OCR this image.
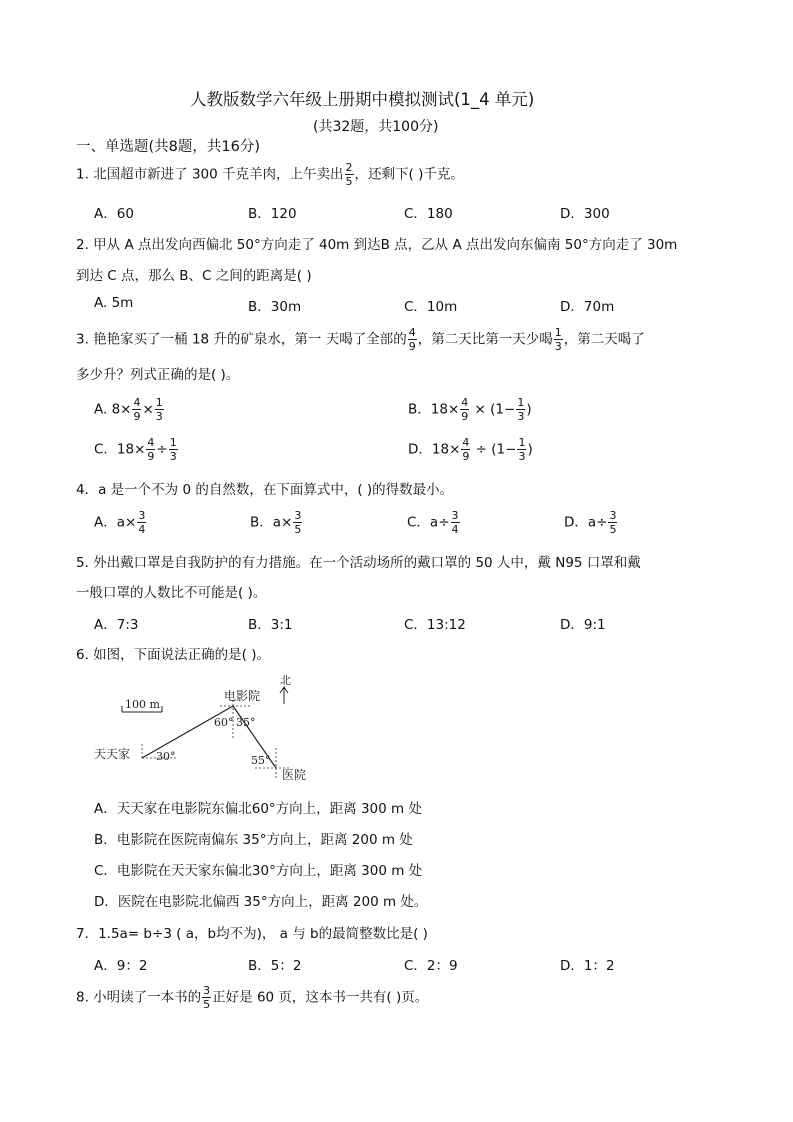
人教版数学六年级上册期中模拟测试(1_4 单元)
(共32题，共100分)
一、单选题(共8题，共16分)
1. 北国超市新进了 300 千克羊肉，上午卖出 $\frac{2}{5}$ ，还剩下( )千克。
A．60	B．120	C．180	D．300
2. 甲从 A 点出发向西偏北 50°方向走了 40m 到达B 点，乙从 A 点出发向东偏南 50°方向走了 30m
到达 C 点，那么 B、C 之间的距离是( )
A. 5m	B．30m	C．10m	D．70m
3. 艳艳家买了一桶 18 升的矿泉水，第一 天喝了全部的 $\frac{4}{9}$ ，第二天比第一天少喝 $\frac{1}{3}$ ，第二天喝了
多少升？列式正确的是( )。
A. $8\times \frac{4}{9} \times \frac{1}{3}$	B．$18\times \frac{4}{9} \times (1- \frac{1}{3}$ )
C．$18\times \frac{4}{9} \div \frac{1}{3}$	D．$18\times \frac{4}{9} \div (1- \frac{1}{3}$ )
4．a 是一个不为 0 的自然数，在下面算式中，( )的得数最小。
A．$a\times \frac{3}{4}$	B．$a\times \frac{3}{5}$	C．$a\div \frac{3}{4}$	D．$a\div \frac{3}{5}$
5. 外出戴口罩是自我防护的有力措施。在一个活动场所的戴口罩的 50 人中，戴 N95 口罩和戴
一般口罩的人数比不可能是( )。
A．7:3	B．3:1	C．13:12	D．9:1
6. 如图，下面说法正确的是( )。
100 m
北
电影院
天天家
医院
60° 35°
30°	55°
A．天天家在电影院东偏北60°方向上，距离 300 m 处
B．电影院在医院南偏东 35°方向上，距离 200 m 处
C．电影院在天天家东偏北30°方向上，距离 300 m 处
D．医院在电影院北偏西 35°方向上，距离 200 m 处。
7．1.5a= b÷3 ( a，b均不为)， a 与 b的最简整数比是( )
A．9：2	B．5：2	C．2：9	D．1：2
8. 小明读了一本书的 $\frac{3}{5}$ 正好是 60 页，这本书一共有( )页。
